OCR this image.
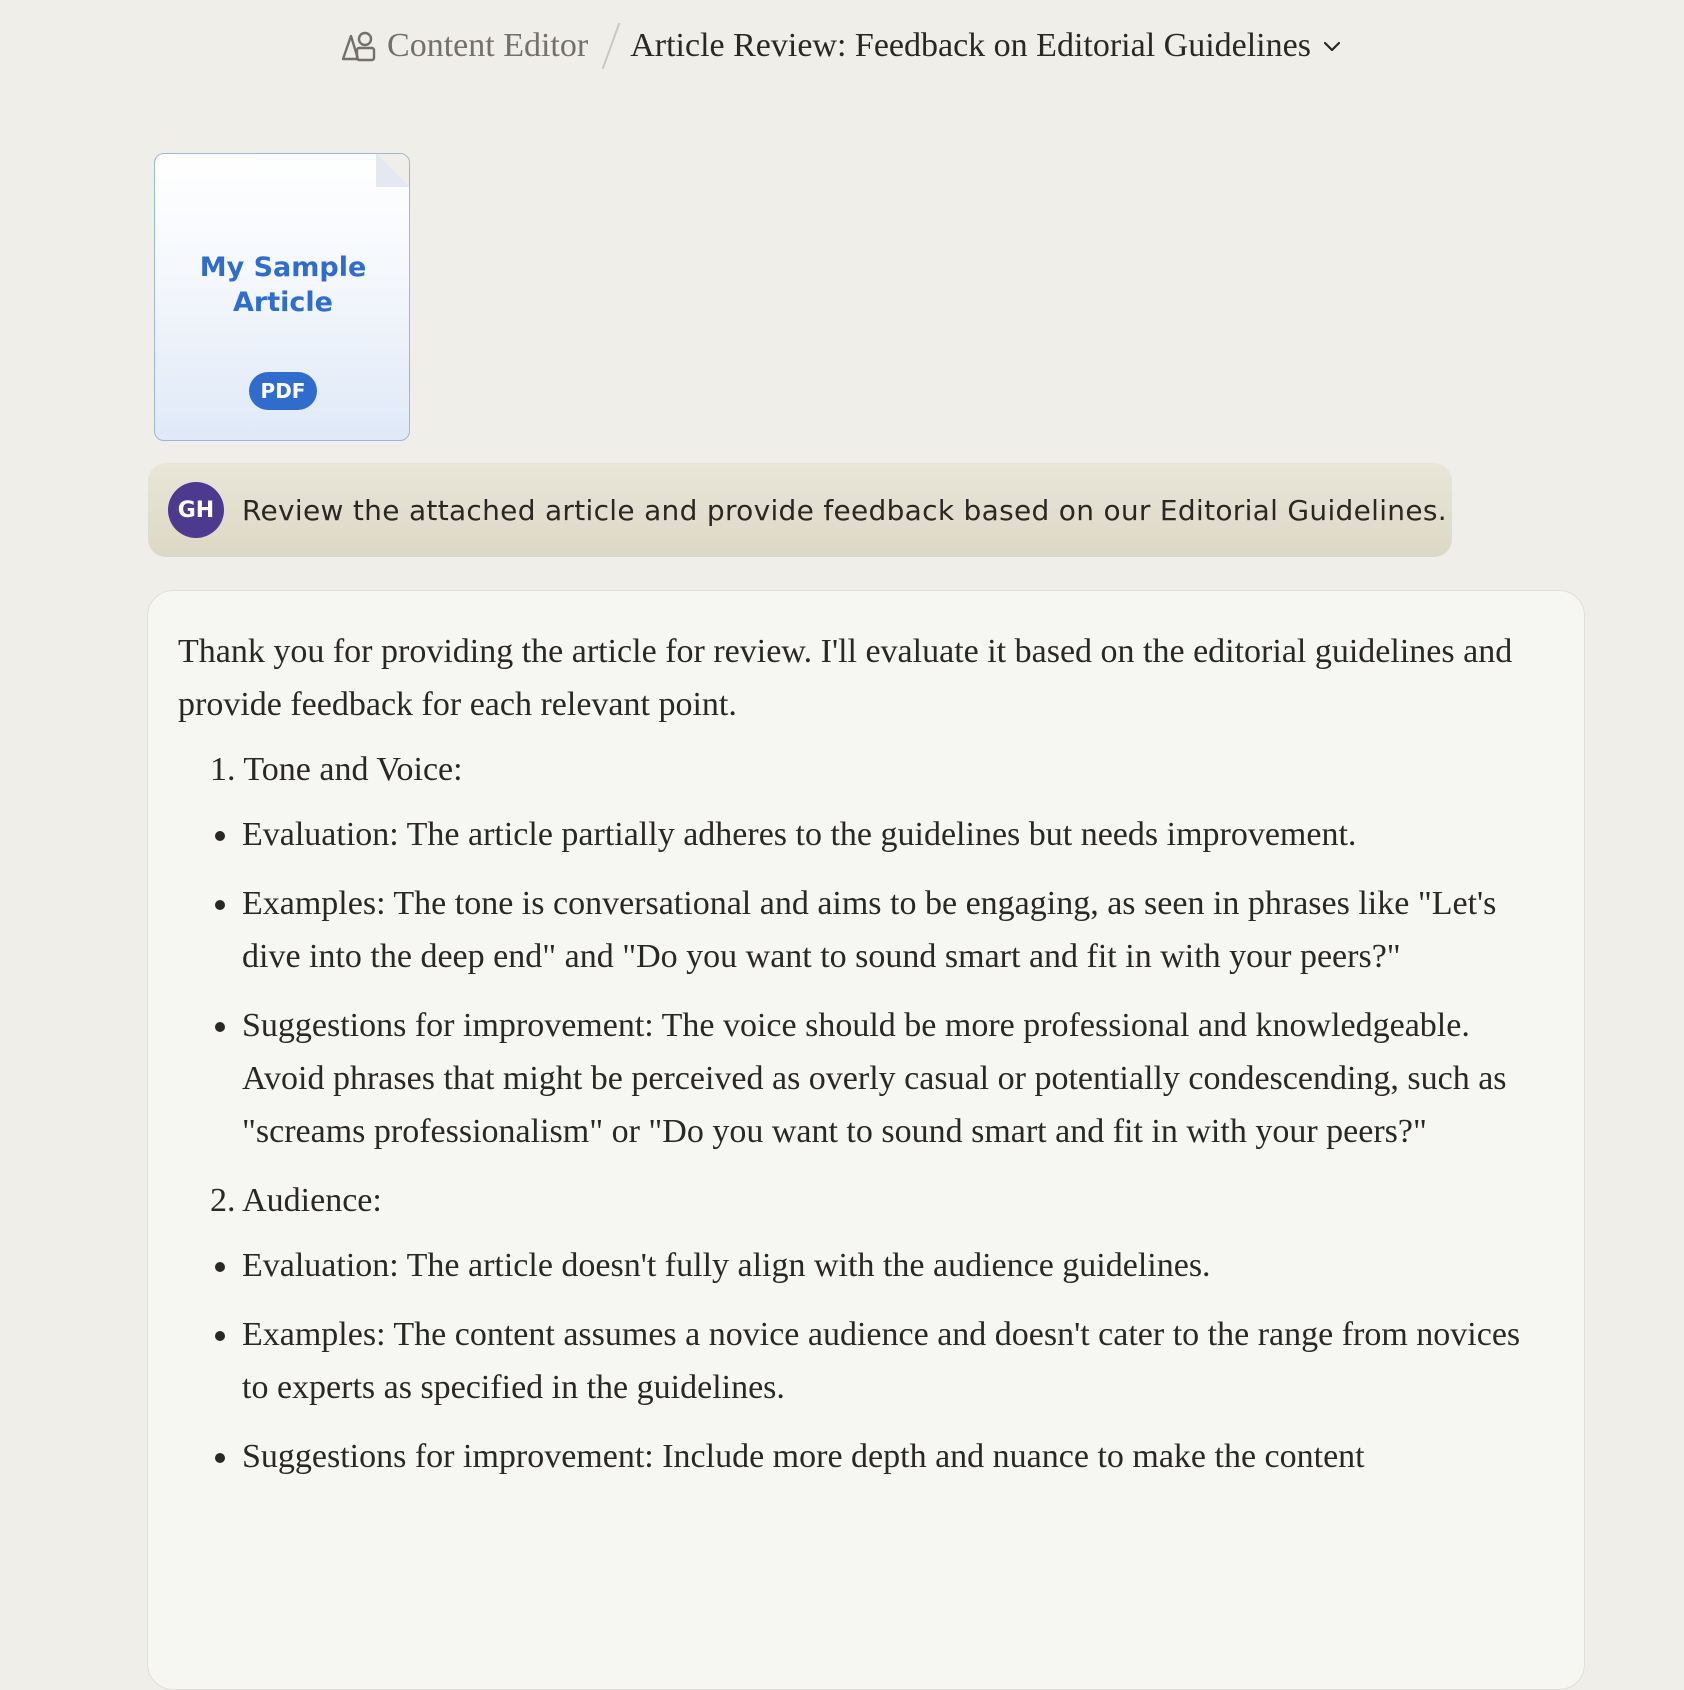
Content Editor Article Review: Feedback on Editorial Guidelines
My Sample Article
PDF
GH Review the attached article and provide feedback based on our Editorial Guidelines.

Thank you for providing the article for review. I'll evaluate it based on the editorial guidelines and provide feedback for each relevant point.

1. Tone and Voice:
Evaluation: The article partially adheres to the guidelines but needs improvement.
Examples: The tone is conversational and aims to be engaging, as seen in phrases like "Let's dive into the deep end" and "Do you want to sound smart and fit in with your peers?"
Suggestions for improvement: The voice should be more professional and knowledgeable. Avoid phrases that might be perceived as overly casual or potentially condescending, such as "screams professionalism" or "Do you want to sound smart and fit in with your peers?"
2. Audience:
Evaluation: The article doesn't fully align with the audience guidelines.
Examples: The content assumes a novice audience and doesn't cater to the range from novices to experts as specified in the guidelines.
Suggestions for improvement: Include more depth and nuance to make the content
